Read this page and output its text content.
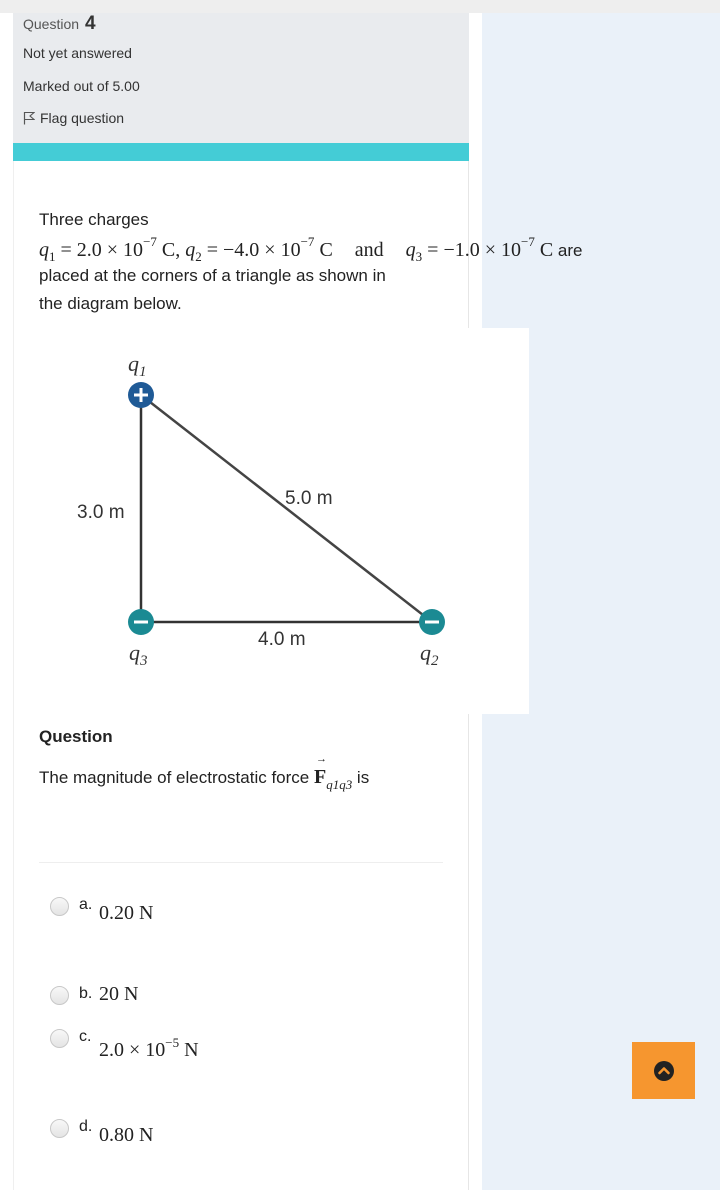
Question 4
Not yet answered
Marked out of 5.00
Flag question
Three charges
$q_1 = 2.0 \times 10^{-7}$ C, $q_2 = -4.0 \times 10^{-7}$ C and $q_3 = -1.0 \times 10^{-7}$ C are
placed at the corners of a triangle as shown in
the diagram below.
$q_1$
$q_3$	$q_2$
3.0 m
5.0 m
4.0 m
Question
The magnitude of electrostatic force → $F_{q1q3}$ is
a. 0.20 N
b. 20 N
c.
$2.0 \times 10^{-5}$ N
d. 0.80 N
